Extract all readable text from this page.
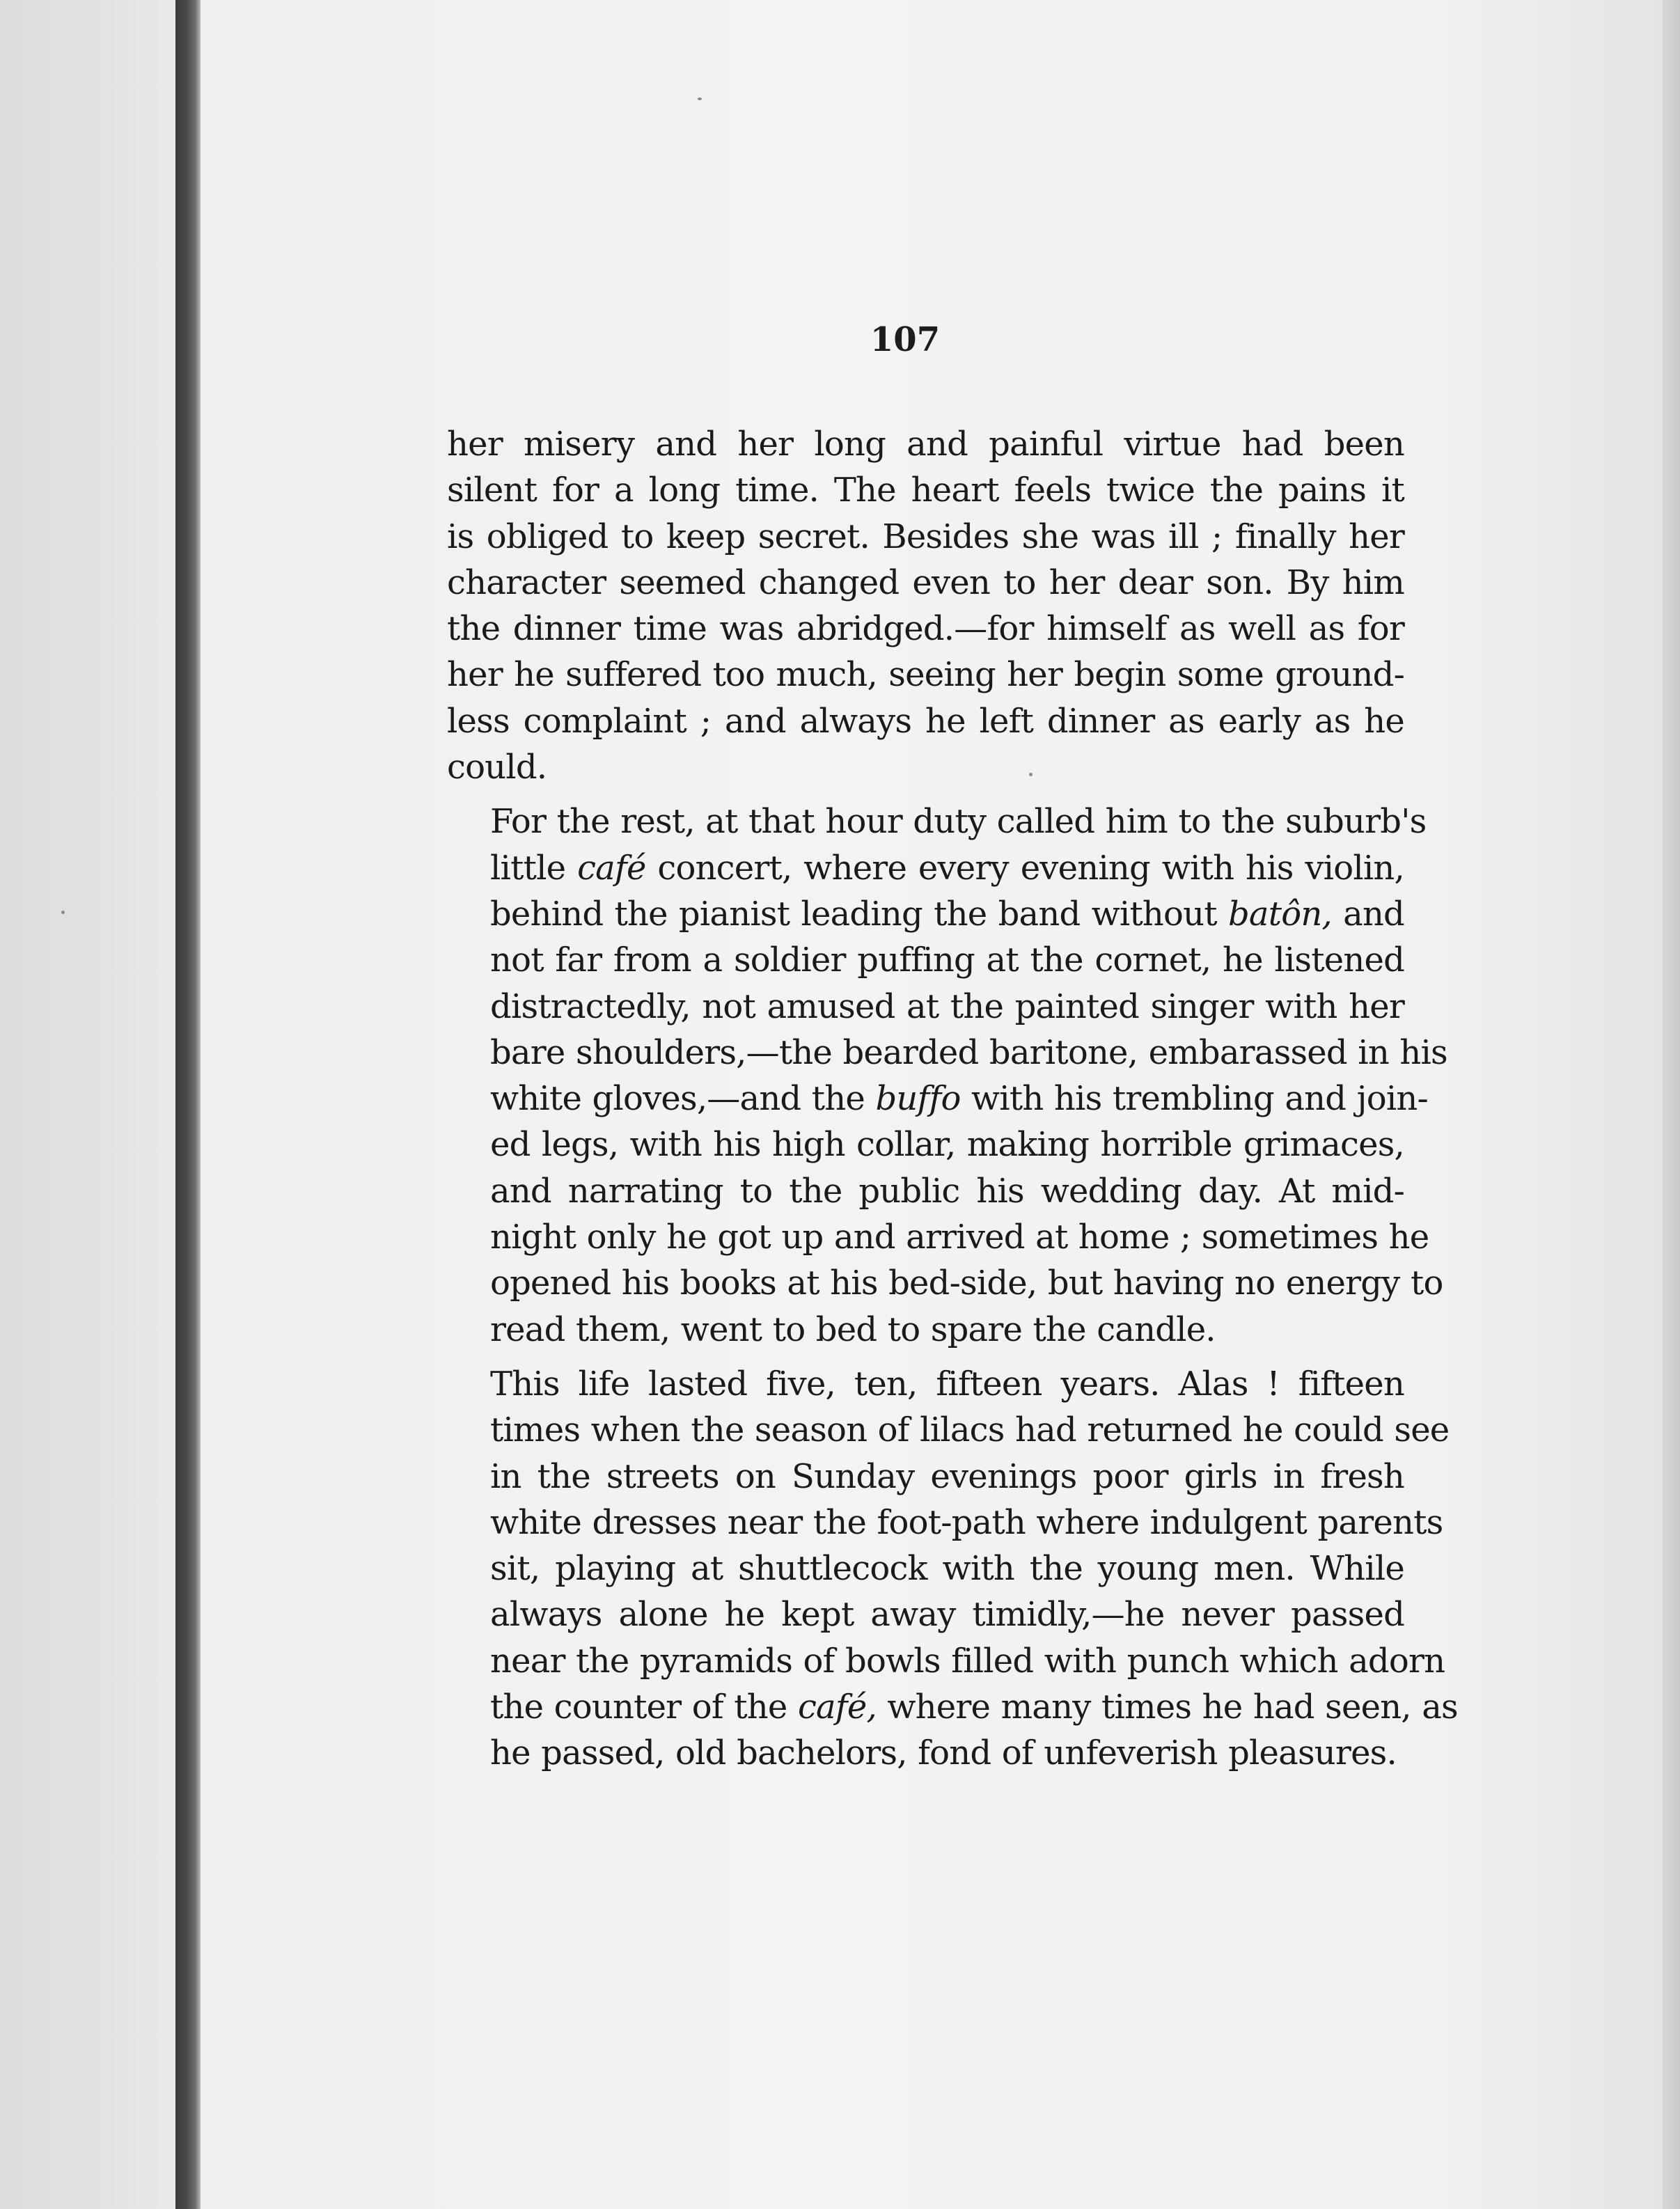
107

her misery and her long and painful virtue had been
silent for a long time. The heart feels twice the pains it
is obliged to keep secret. Besides she was ill ; finally her
character seemed changed even to her dear son. By him
the dinner time was abridged.—for himself as well as for
her he suffered too much, seeing her begin some ground-
less complaint ; and always he left dinner as early as he
could.

For the rest, at that hour duty called him to the suburb's
little café concert, where every evening with his violin,
behind the pianist leading the band without batôn, and
not far from a soldier puffing at the cornet, he listened
distractedly, not amused at the painted singer with her
bare shoulders,—the bearded baritone, embarassed in his
white gloves,—and the buffo with his trembling and join-
ed legs, with his high collar, making horrible grimaces,
and narrating to the public his wedding day. At mid-
night only he got up and arrived at home ; sometimes he
opened his books at his bed-side, but having no energy to
read them, went to bed to spare the candle.

This life lasted five, ten, fifteen years. Alas ! fifteen
times when the season of lilacs had returned he could see
in the streets on Sunday evenings poor girls in fresh
white dresses near the foot-path where indulgent parents
sit, playing at shuttlecock with the young men. While
always alone he kept away timidly,—he never passed
near the pyramids of bowls filled with punch which adorn
the counter of the café, where many times he had seen, as
he passed, old bachelors, fond of unfeverish pleasures.
